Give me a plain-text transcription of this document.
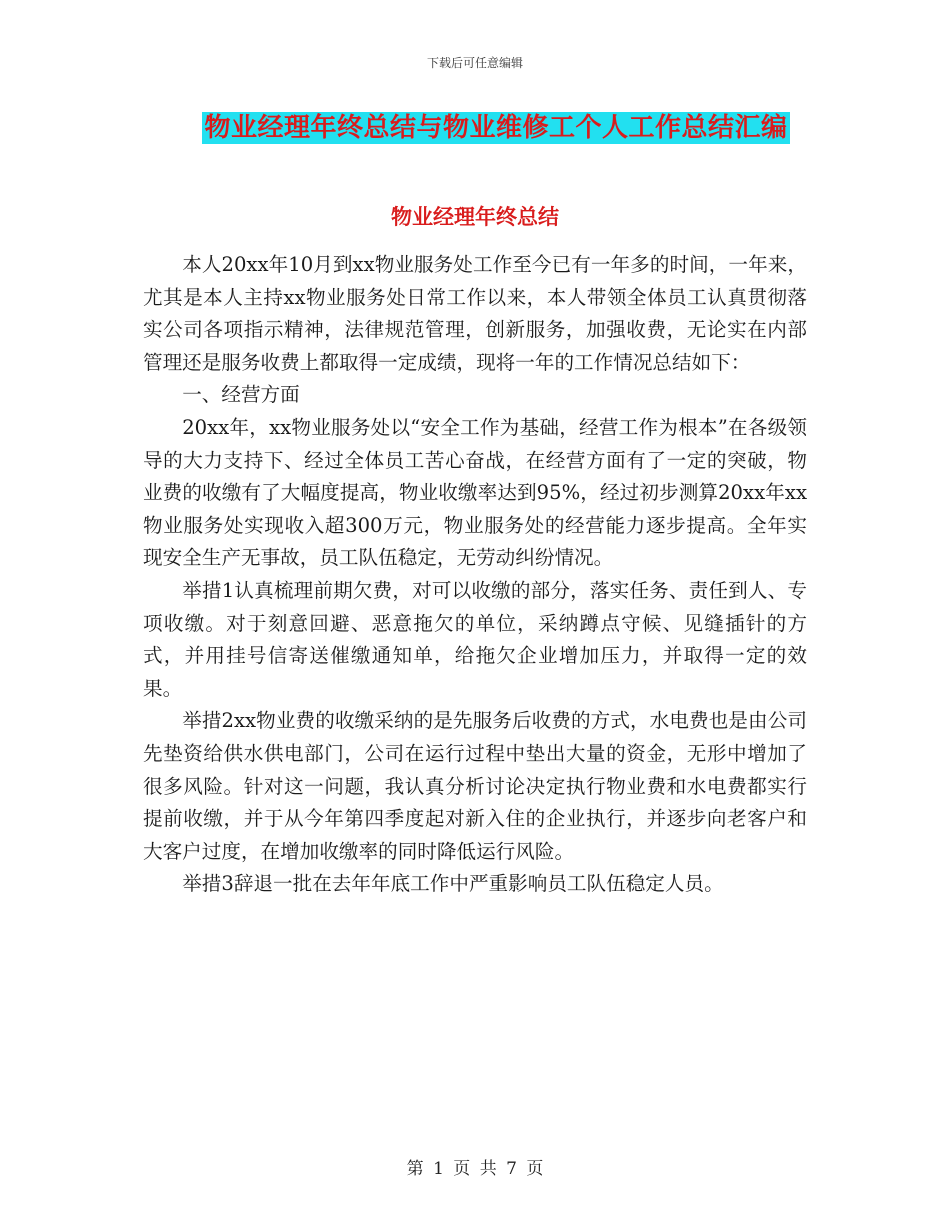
下载后可任意编辑
物业经理年终总结与物业维修工个人工作总结汇编
物业经理年终总结

本人20xx年10月到xx物业服务处工作至今已有一年多的时间，一年来，尤其是本人主持xx物业服务处日常工作以来，本人带领全体员工认真贯彻落实公司各项指示精神，法律规范管理，创新服务，加强收费，无论实在内部管理还是服务收费上都取得一定成绩，现将一年的工作情况总结如下：

一、经营方面

20xx年，xx物业服务处以“安全工作为基础，经营工作为根本”在各级领导的大力支持下、经过全体员工苦心奋战，在经营方面有了一定的突破，物业费的收缴有了大幅度提高，物业收缴率达到95%，经过初步测算20xx年xx物业服务处实现收入超300万元，物业服务处的经营能力逐步提高。全年实现安全生产无事故，员工队伍稳定，无劳动纠纷情况。

举措1认真梳理前期欠费，对可以收缴的部分，落实任务、责任到人、专项收缴。对于刻意回避、恶意拖欠的单位，采纳蹲点守候、见缝插针的方式，并用挂号信寄送催缴通知单，给拖欠企业增加压力，并取得一定的效果。

举措2xx物业费的收缴采纳的是先服务后收费的方式，水电费也是由公司先垫资给供水供电部门，公司在运行过程中垫出大量的资金，无形中增加了很多风险。针对这一问题，我认真分析讨论决定执行物业费和水电费都实行提前收缴，并于从今年第四季度起对新入住的企业执行，并逐步向老客户和大客户过度，在增加收缴率的同时降低运行风险。

举措3辞退一批在去年年底工作中严重影响员工队伍稳定人员。

第 1 页 共 7 页
